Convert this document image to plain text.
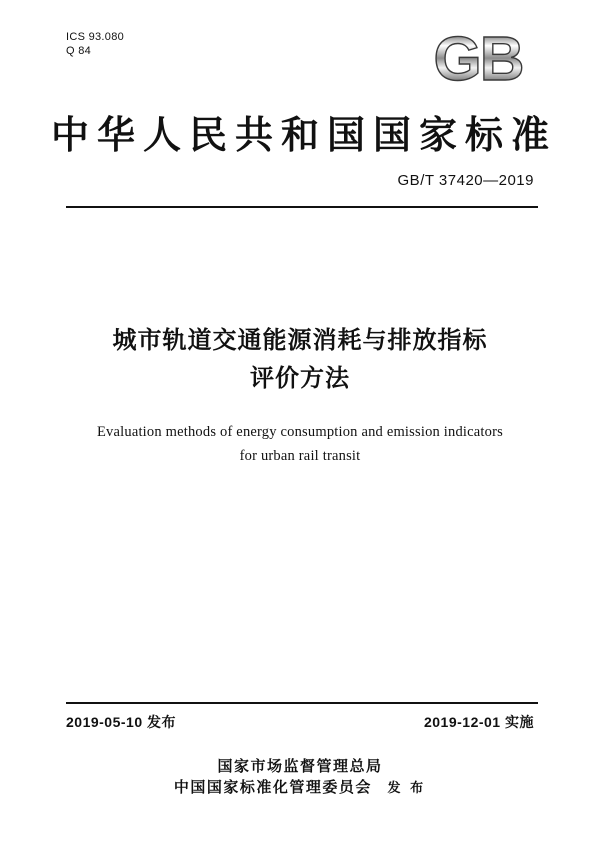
ICS 93.080
Q 84	GB
中华人民共和国国家标准
GB/T 37420—2019
城市轨道交通能源消耗与排放指标
评价方法
Evaluation methods of energy consumption and emission indicators
for urban rail transit
2019-05-10 发布	2019-12-01 实施
国家市场监督管理总局
中国国家标准化管理委员会 发 布
